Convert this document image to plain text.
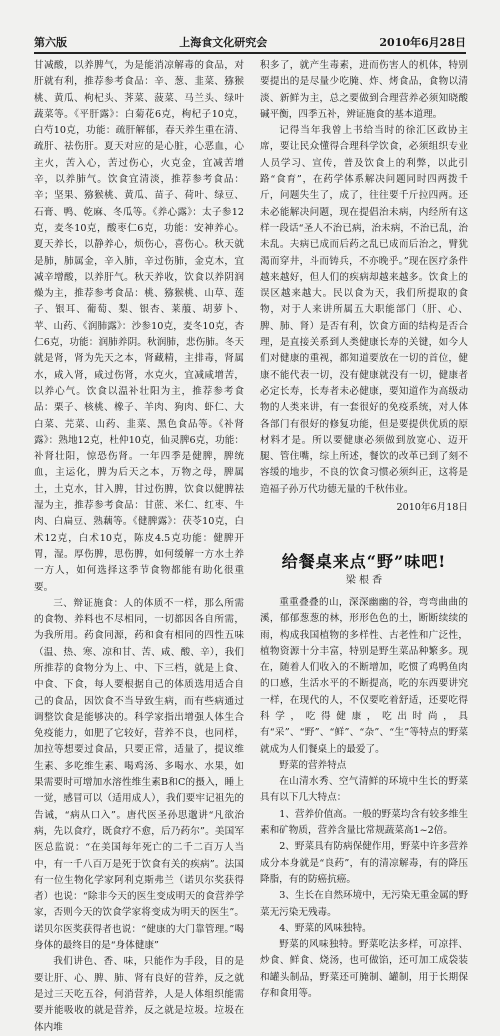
第六版	上海食文化研究会	2010年6月28日

甘减酸，以养脾气，为是能消凉解毒的食品，对肝就有利，推荐参考食品：辛、葱、韭菜、猕猴桃、黄瓜、枸杞头、荠菜、菠菜、马兰头、绿叶蔬菜等。《平肝露》：白菊花6克，枸杞子10克，白芍10克，功能：疏肝解郁，春天养生重在清、疏肝、祛伤肝。夏天对应的是心脏，心恶血，心主火，苦入心，苦过伤心，火克金，宜减苦增辛，以养肺气。饮食宜清淡，推荐参考食品：辛；坚果、猕猴桃、黄瓜、苗子、荷叶、绿豆、石膏、鸭、乾麻、冬瓜等。《养心露》：太子参12克，麦冬10克，酸枣仁6克，功能：安神养心。夏天养长，以静养心，烦伤心，喜伤心。秋天就是肺，肺属金，辛入肺，辛过伤肺，金克木，宜减辛增酸，以养肝气。秋天养收，饮食以养阴润燥为主，推荐参考食品：桃、猕猴桃、山草、莲子、银耳、葡萄、梨、银杏、莱菔、胡萝卜、苹、山药、《润肺露》：沙参10克，麦冬10克，杏仁6克，功能：润肺养阴。秋润肺，悲伤肺。冬天就是肾，肾为先天之本，肾藏精，主排毒，肾属水，咸入肾，咸过伤肾，水克火，宜减咸增苦，以养心气。饮食以温补壮阳为主，推荐参考食品：栗子、核桃、橡子、羊肉、狗肉、虾仁、大白菜、芫菜、山药、韭菜、黑色食品等。《补肾露》：熟地12克，杜仲10克，仙灵脾6克，功能：补肾壮阳，惊恐伤肾。一年四季是健脾，脾统血，主运化，脾为后天之本，万物之母，脾属土，土克水，甘入脾，甘过伤脾，饮食以健脾祛湿为主，推荐参考食品：甘蔗、米仁、红枣、牛肉、白扁豆、熟藕等。《健脾露》：茯苓10克，白术12克，白术10克，陈皮4.5克功能：健脾开胃，湿。厚伤脾，思伤脾，如何缓解一方水土养一方人，如何选择这季节食物都能有助化很重要。

三、辩证施食：人的体质不一样，那么所需的食物、养料也不尽相同，一切都因各自所需，为我所用。药食同源，药和食有相同的四性五味（温、热、寒、凉和甘、苦、咸、酸、辛），我们所推荐的食物分为上、中、下三档，就是上食、中食、下食，每人要根据自己的体质选用适合自己的食品，因饮食不当导致生病，而有些病通过调整饮食是能够决的。科学家指出增强人体生合免疫能力，如肥了它较好，营养不良，也同样，加拉等想要过食品，只要正常，适量了，提议维生素、多吃维生素、喝鸡汤、多喝水、水果，如果需要时可增加水溶性维生素B和C的摄入，睡上一觉，感冒可以（适用成人），我们要牢记祖先的告诫，“病从口入”。唐代医圣孙思邈讲“凡欲治病，先以食疗，既食疗不愈，后乃药尔”。美国军医总监说：“在美国每年死亡的二千二百万人当中，有一千八百万是死于饮食有关的疾病”。法国有一位生物化学家阿利克斯弗兰（诺贝尔奖获得者）也说：“除非今天的医生变成明天的食营养学家，否则今天的饮食学家将变成为明天的医生”。诺贝尔医奖获得者也说：“健康的大门靠管理。”喝身体的最终目的是“身体健康”

我们讲色、香、味，只能作为手段，目的是要让肝、心、脾、肺、肾有良好的营养，反之就是过三天吃五谷，何消营养，人是人体组织能需要并能吸收的就是营养，反之就是垃圾。垃圾在体内堆

积多了，就产生毒素，进而伤害人的机体，特别要提出的是尽量少吃腌、炸、烤食品，食物以清淡、新鲜为主，总之要做到合理营养必须知晓酸碱平衡，四季五补，辨证施食的基本道理。

记得当年我曾上书给当时的徐汇区政协主席，要让民众懂得合理科学饮食，必须组织专业人员学习、宣传，普及饮食上的利弊，以此引路“食育”，在药学体系解决问题同时四两拨千斤，问题失生了，成了，往往要千斤拉四两。还未必能解决问题，现在提倡治未病，内经所有这样一段话“圣人不治已病，治未病，不治已乱，治未乱。夫病已成而后药之乱已成而后治之，臂犹渴而穿井，斗而铸兵，不亦晚乎。”现在医疗条件越来越好，但人们的疾病却越来越多。饮食上的误区越来越大。民以食为天，我们所提取的食物，对于人来讲所属五大职能部门（肝、心、脾、肺、肾）是否有利，饮食方面的结构是否合理，是直接关系到人类健康长寿的关键，如今人们对健康的重视，都知道要放在一切的首位，健康不能代表一切，没有健康就没有一切，健康者必定长寿，长寿者未必健康，要知道作为高级动物的人类来讲，有一套很好的免疫系统，对人体各部门有很好的修复功能，但是要提供优质的原材料才是。所以要健康必须做到放宽心、迈开腿、管住嘴，综上所述，餐饮的改革已到了刻不容缓的地步，不良的饮食习惯必须纠正，这将是造福子孙万代功德无量的千秋伟业。

2010年6月18日
给餐桌来点“野”味吧!
梁 根 香

重重叠叠的山，深深幽幽的谷，弯弯曲曲的溪，郁郁葱葱的林，形形色色的土，断断续续的雨，构成我国植物的多样性、古老性和广泛性，植物资源十分丰富，特别是野生菜品种繁多。现在，随着人们收入的不断增加，吃惯了鸡鸭鱼肉的口感，生活水平的不断提高，吃的东西要讲究一样，在现代的人，不仅要吃着舒适，还要吃得科学，吃得健康，吃出时尚，具有“采”、“野”、“鲜”、“杂”、“生”等特点的野菜就成为人们餐桌上的最爱了。

野菜的营养特点

在山清水秀、空气清鲜的环境中生长的野菜具有以下几大特点：

1、营养价值高。一般的野菜均含有较多维生素和矿物质，营养含量比常规蔬菜高1~2倍。

2、野菜具有防病保健作用，野菜中许多营养成分本身就是“良药”，有的清凉解毒，有的降压降脂，有的防癌抗癌。

3、生长在自然环境中，无污染无重金属的野菜无污染无残毒。

4、野菜的风味独特。

野菜的风味独特。野菜吃法多样，可凉拌、炒食、鲜食、烧汤，也可做馅，还可加工成袋装和罐头制品，野菜还可腌制、罐制，用于长期保存和食用等。
